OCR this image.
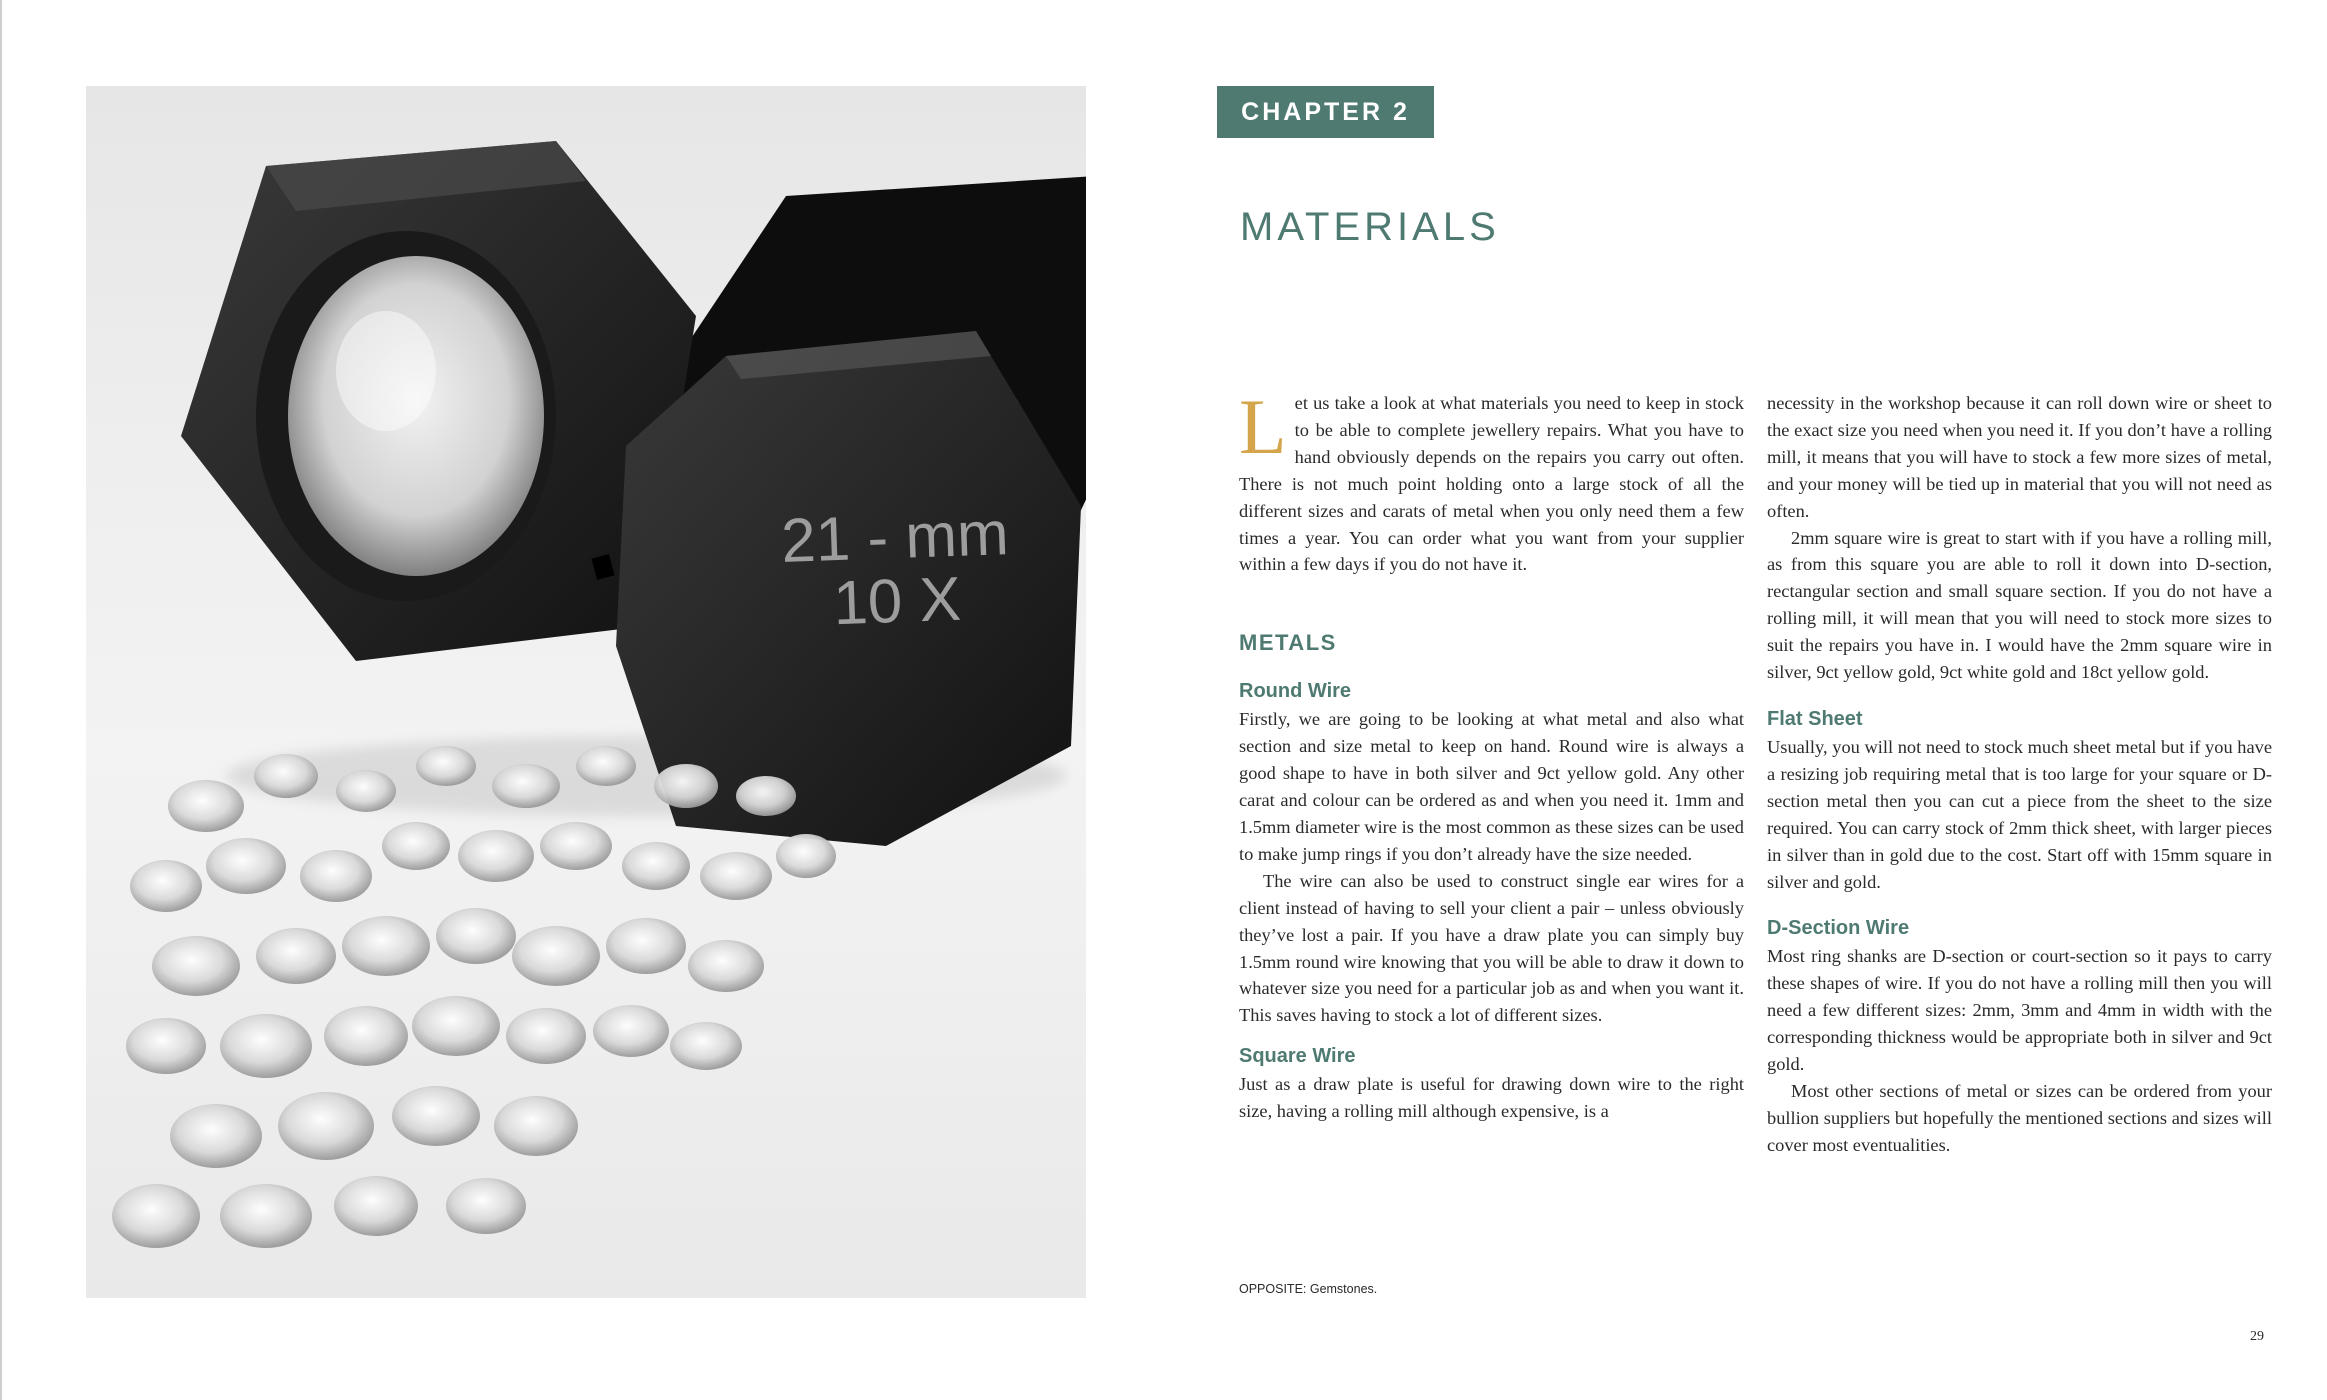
21 - mm
10 X
CHAPTER 2
MATERIALS

Let us take a look at what materials you need to keep in stock to be able to complete jewellery repairs. What you have to hand obviously depends on the repairs you carry out often. There is not much point holding onto a large stock of all the different sizes and carats of metal when you only need them a few times a year. You can order what you want from your supplier within a few days if you do not have it.

METALS
Round Wire

Firstly, we are going to be looking at what metal and also what section and size metal to keep on hand. Round wire is always a good shape to have in both silver and 9ct yellow gold. Any other carat and colour can be ordered as and when you need it. 1mm and 1.5mm diameter wire is the most common as these sizes can be used to make jump rings if you don’t already have the size needed.

The wire can also be used to construct single ear wires for a client instead of having to sell your client a pair – unless obviously they’ve lost a pair. If you have a draw plate you can simply buy 1.5mm round wire knowing that you will be able to draw it down to whatever size you need for a particular job as and when you want it. This saves having to stock a lot of different sizes.

Square Wire

Just as a draw plate is useful for drawing down wire to the right size, having a rolling mill although expensive, is a

necessity in the workshop because it can roll down wire or sheet to the exact size you need when you need it. If you don’t have a rolling mill, it means that you will have to stock a few more sizes of metal, and your money will be tied up in material that you will not need as often.

2mm square wire is great to start with if you have a rolling mill, as from this square you are able to roll it down into D-section, rectangular section and small square section. If you do not have a rolling mill, it will mean that you will need to stock more sizes to suit the repairs you have in. I would have the 2mm square wire in silver, 9ct yellow gold, 9ct white gold and 18ct yellow gold.

Flat Sheet

Usually, you will not need to stock much sheet metal but if you have a resizing job requiring metal that is too large for your square or D-section metal then you can cut a piece from the sheet to the size required. You can carry stock of 2mm thick sheet, with larger pieces in silver than in gold due to the cost. Start off with 15mm square in silver and gold.

D-Section Wire

Most ring shanks are D-section or court-section so it pays to carry these shapes of wire. If you do not have a rolling mill then you will need a few different sizes: 2mm, 3mm and 4mm in width with the corresponding thickness would be appropriate both in silver and 9ct gold.

Most other sections of metal or sizes can be ordered from your bullion suppliers but hopefully the mentioned sections and sizes will cover most eventualities.

OPPOSITE: Gemstones.
29
